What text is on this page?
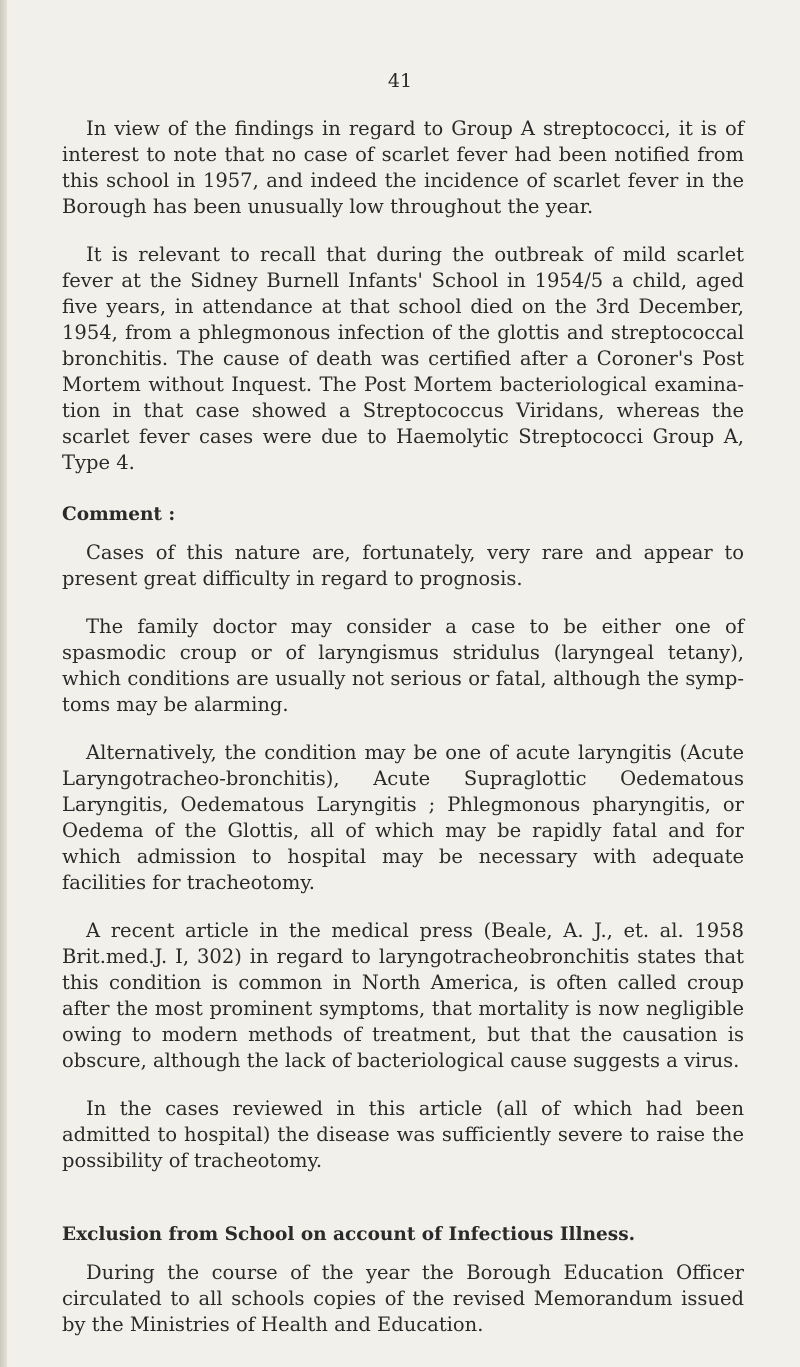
41

In view of the findings in regard to Group A streptococci, it is of interest to note that no case of scarlet fever had been notified from this school in 1957, and indeed the incidence of scarlet fever in the Borough has been unusually low throughout the year.

It is relevant to recall that during the outbreak of mild scarlet fever at the Sidney Burnell Infants' School in 1954/5 a child, aged five years, in attendance at that school died on the 3rd December, 1954, from a phlegmonous infection of the glottis and streptococcal bronchitis. The cause of death was certified after a Coroner's Post Mortem without Inquest. The Post Mortem bacteriological examina- tion in that case showed a Streptococcus Viridans, whereas the scarlet fever cases were due to Haemolytic Streptococci Group A, Type 4.

Comment :

Cases of this nature are, fortunately, very rare and appear to present great difficulty in regard to prognosis.

The family doctor may consider a case to be either one of spasmodic croup or of laryngismus stridulus (laryngeal tetany), which conditions are usually not serious or fatal, although the symp- toms may be alarming.

Alternatively, the condition may be one of acute laryngitis (Acute Laryngotracheo-bronchitis), Acute Supraglottic Oedematous Laryngitis, Oedematous Laryngitis ; Phlegmonous pharyngitis, or Oedema of the Glottis, all of which may be rapidly fatal and for which admission to hospital may be necessary with adequate facilities for tracheotomy.

A recent article in the medical press (Beale, A. J., et. al. 1958 Brit.med.J. I, 302) in regard to laryngotracheobronchitis states that this condition is common in North America, is often called croup after the most prominent symptoms, that mortality is now negligible owing to modern methods of treatment, but that the causation is obscure, although the lack of bacteriological cause suggests a virus.

In the cases reviewed in this article (all of which had been admitted to hospital) the disease was sufficiently severe to raise the possibility of tracheotomy.

Exclusion from School on account of Infectious Illness.

During the course of the year the Borough Education Officer circulated to all schools copies of the revised Memorandum issued by the Ministries of Health and Education.
